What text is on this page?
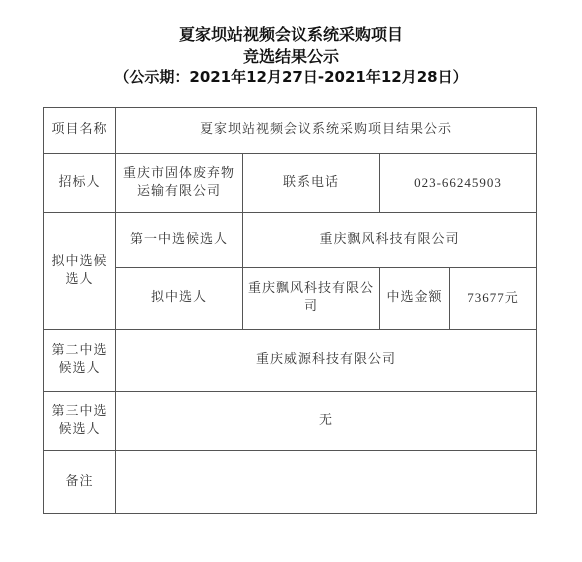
夏家坝站视频会议系统采购项目
竞选结果公示
（公示期：2021年12月27日-2021年12月28日）
项目名称	夏家坝站视频会议系统采购项目结果公示			
招标人	重庆市固体废弃物运输有限公司	联系电话	023-66245903	
拟中选候选人	第一中选候选人	重庆飘风科技有限公司		
	拟中选人	重庆飘风科技有限公司	中选金额	73677元
第二中选候选人	重庆威源科技有限公司			
第三中选候选人	无			
备注				
